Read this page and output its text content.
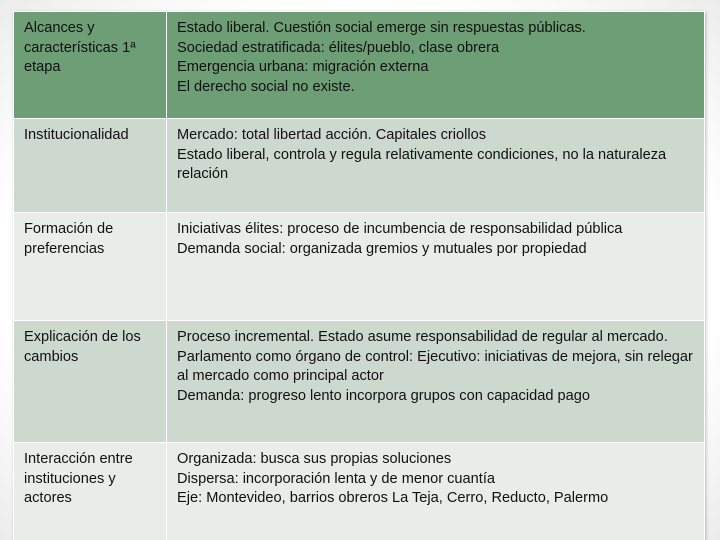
Alcances y características 1ª etapa	Estado liberal. Cuestión social emerge sin respuestas públicas.
Sociedad estratificada: élites/pueblo, clase obrera
Emergencia urbana: migración externa
El derecho social no existe.

Institucionalidad	Mercado: total libertad acción. Capitales criollos
Estado liberal, controla y regula relativamente condiciones, no la naturaleza relación

Formación de preferencias	Iniciativas élites: proceso de incumbencia de responsabilidad pública
Demanda social: organizada gremios y mutuales por propiedad

Explicación de los cambios	Proceso incremental. Estado asume responsabilidad de regular al mercado. Parlamento como órgano de control: Ejecutivo: iniciativas de mejora, sin relegar al mercado como principal actor
Demanda: progreso lento incorpora grupos con capacidad pago

Interacción entre instituciones y actores	Organizada: busca sus propias soluciones
Dispersa: incorporación lenta y de menor cuantía
Eje: Montevideo, barrios obreros La Teja, Cerro, Reducto, Palermo
